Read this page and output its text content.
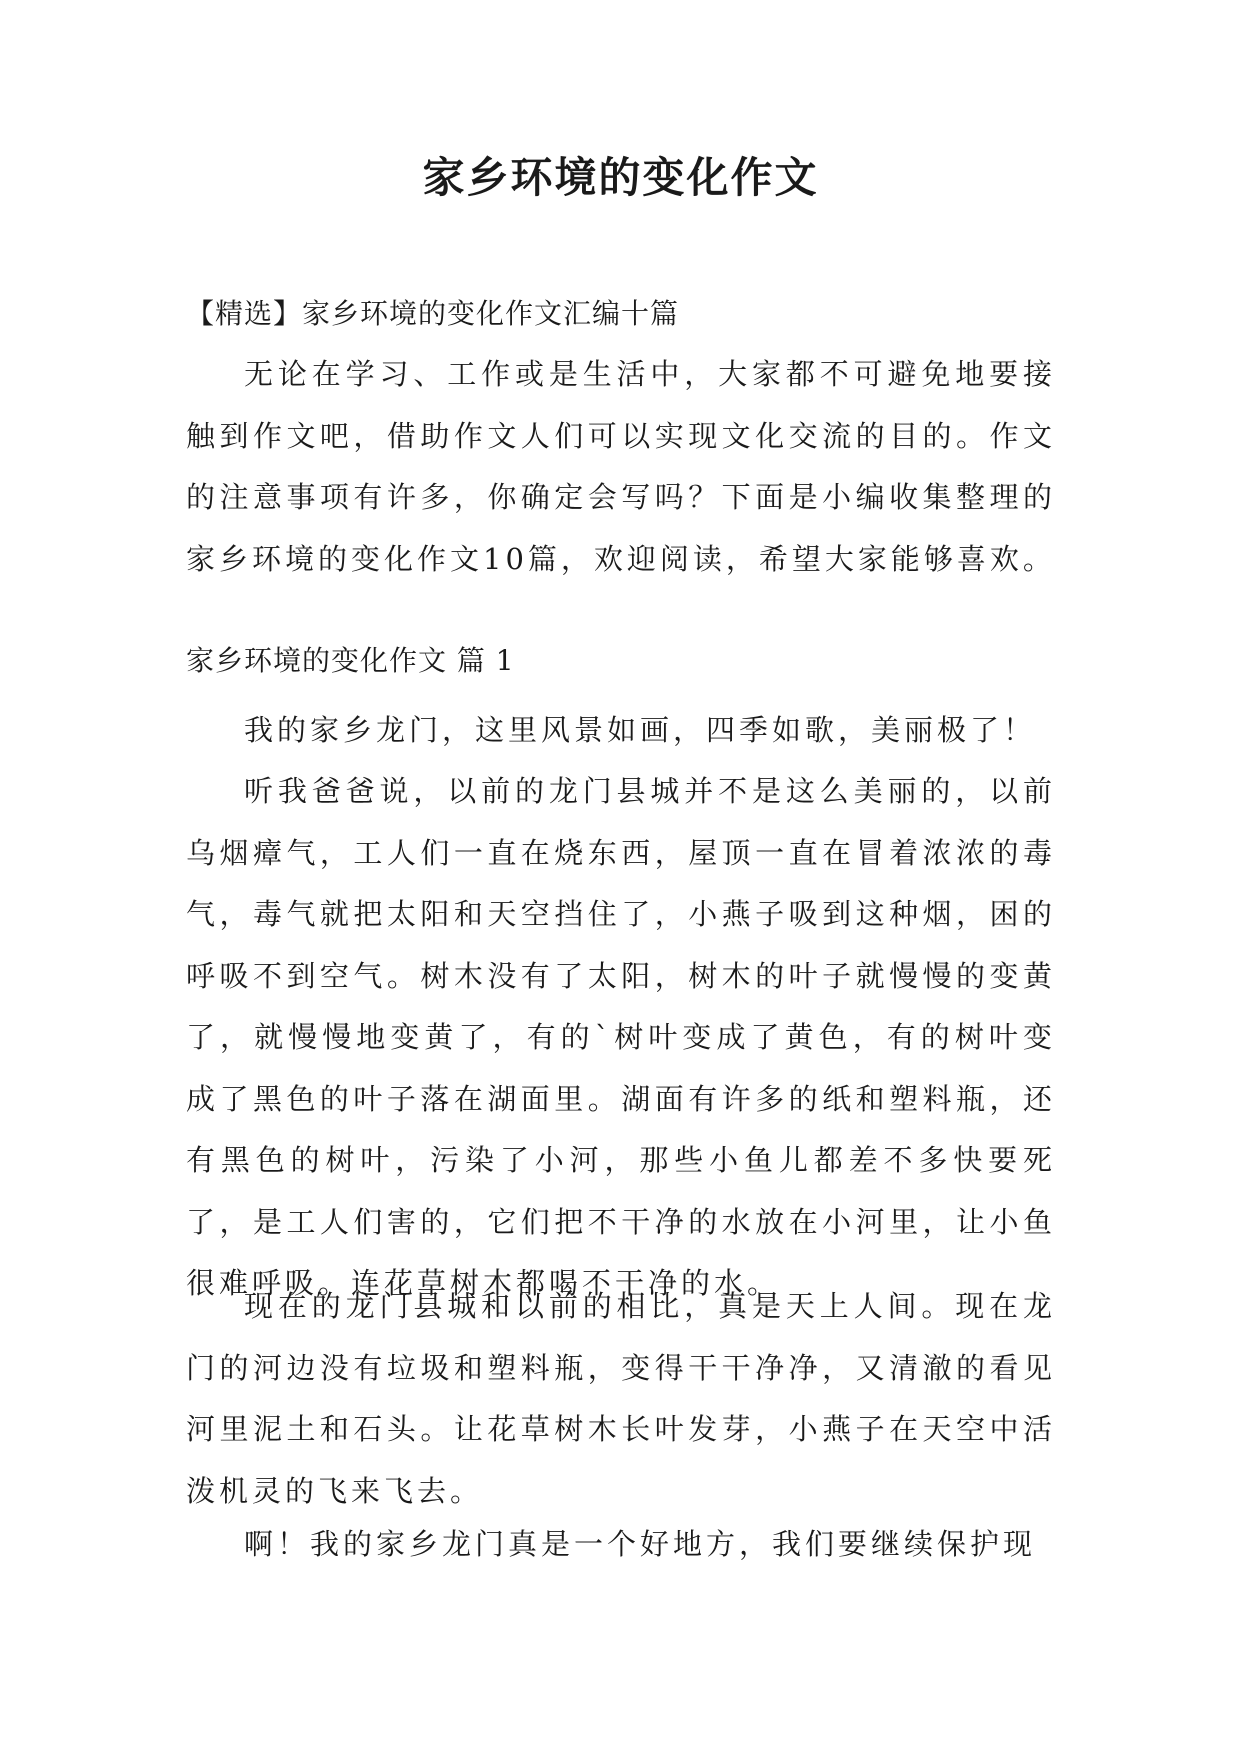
家乡环境的变化作文

【精选】家乡环境的变化作文汇编十篇

无论在学习、工作或是生活中，大家都不可避免地要接触到作文吧，借助作文人们可以实现文化交流的目的。作文的注意事项有许多，你确定会写吗？下面是小编收集整理的家乡环境的变化作文10篇，欢迎阅读，希望大家能够喜欢。

家乡环境的变化作文 篇 1

我的家乡龙门，这里风景如画，四季如歌，美丽极了！

听我爸爸说，以前的龙门县城并不是这么美丽的，以前乌烟瘴气，工人们一直在烧东西，屋顶一直在冒着浓浓的毒气，毒气就把太阳和天空挡住了，小燕子吸到这种烟，困的呼吸不到空气。树木没有了太阳，树木的叶子就慢慢的变黄了，就慢慢地变黄了，有的`树叶变成了黄色，有的树叶变成了黑色的叶子落在湖面里。湖面有许多的纸和塑料瓶，还有黑色的树叶，污染了小河，那些小鱼儿都差不多快要死了，是工人们害的，它们把不干净的水放在小河里，让小鱼很难呼吸。连花草树木都喝不干净的水。

现在的龙门县城和以前的相比，真是天上人间。现在龙门的河边没有垃圾和塑料瓶，变得干干净净，又清澈的看见河里泥土和石头。让花草树木长叶发芽，小燕子在天空中活泼机灵的飞来飞去。

啊！我的家乡龙门真是一个好地方，我们要继续保护现
